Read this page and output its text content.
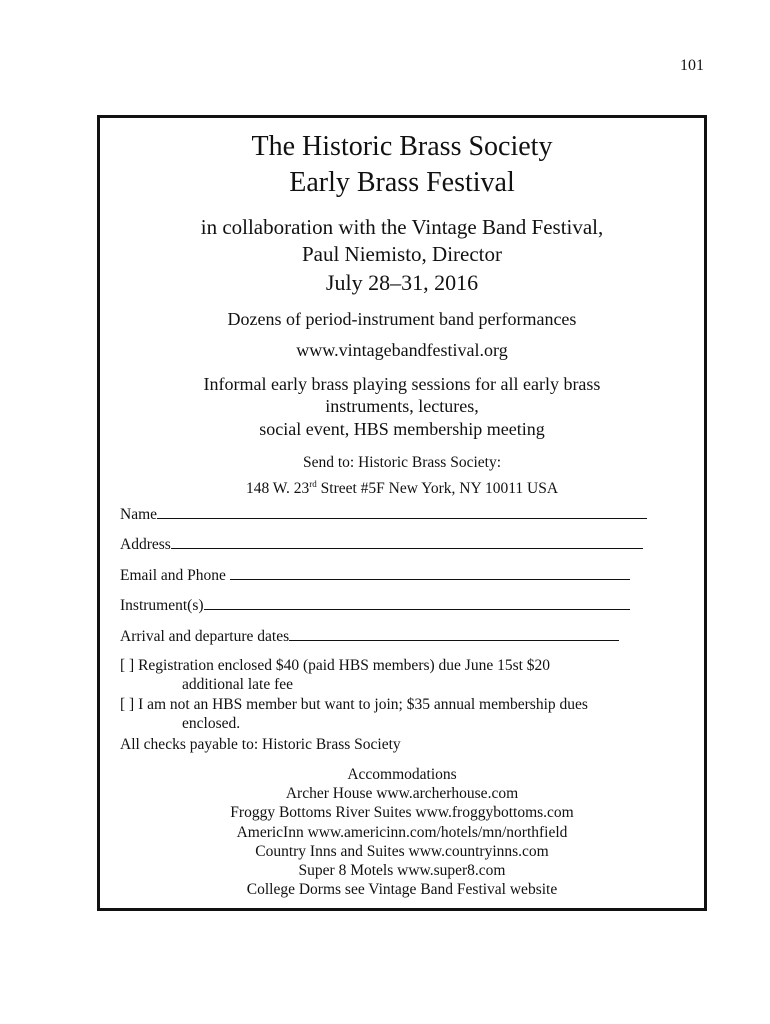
101
The Historic Brass Society
Early Brass Festival
in collaboration with the Vintage Band Festival,
Paul Niemisto, Director
July 28–31, 2016
Dozens of period-instrument band performances
www.vintagebandfestival.org
Informal early brass playing sessions for all early brass
instruments, lectures,
social event, HBS membership meeting
Send to: Historic Brass Society:
148 W. 23rd Street #5F New York, NY 10011 USA
Name
Address
Email and Phone
Instrument(s)
Arrival and departure dates
[ ] Registration enclosed $40 (paid HBS members) due June 15st $20
additional late fee
[ ] I am not an HBS member but want to join; $35 annual membership dues
enclosed.
All checks payable to: Historic Brass Society
Accommodations
Archer House www.archerhouse.com
Froggy Bottoms River Suites www.froggybottoms.com
AmericInn www.americinn.com/hotels/mn/northfield
Country Inns and Suites www.countryinns.com
Super 8 Motels www.super8.com
College Dorms see Vintage Band Festival website
